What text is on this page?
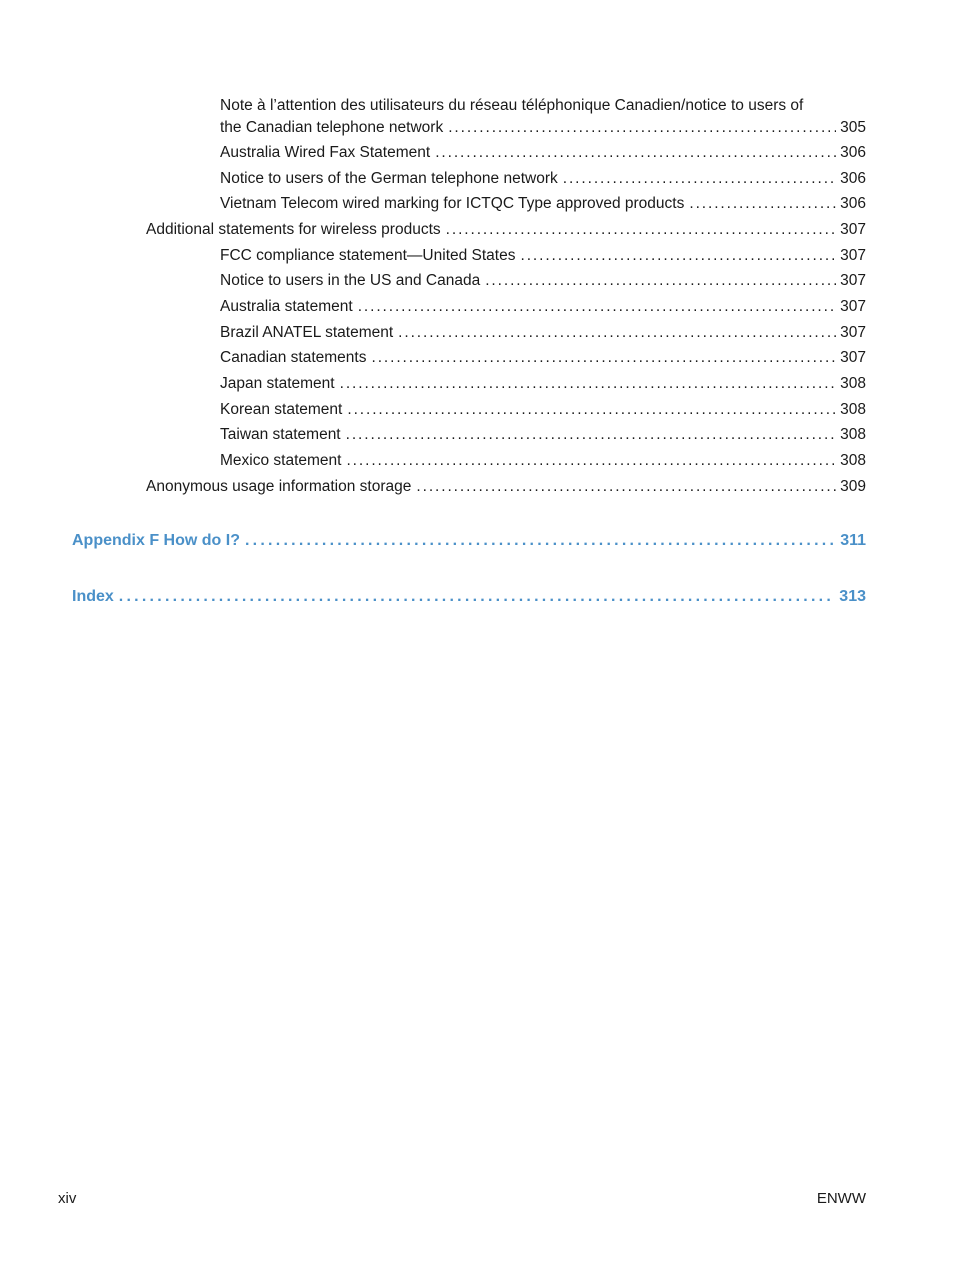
Note à l’attention des utilisateurs du réseau téléphonique Canadien/notice to users of
the Canadian telephone network . . .	305
Australia Wired Fax Statement . . .	306
Notice to users of the German telephone network . . .	306
Vietnam Telecom wired marking for ICTQC Type approved products . . .	306
Additional statements for wireless products . . .	307
FCC compliance statement—United States . . .	307
Notice to users in the US and Canada . . .	307
Australia statement . . .	307
Brazil ANATEL statement . . .	307
Canadian statements . . .	307
Japan statement . . .	308
Korean statement . . .	308
Taiwan statement . . .	308
Mexico statement . . .	308
Anonymous usage information storage . . .	309
Appendix F How do I? . . .	311
Index . . .	313
xiv	ENWW
